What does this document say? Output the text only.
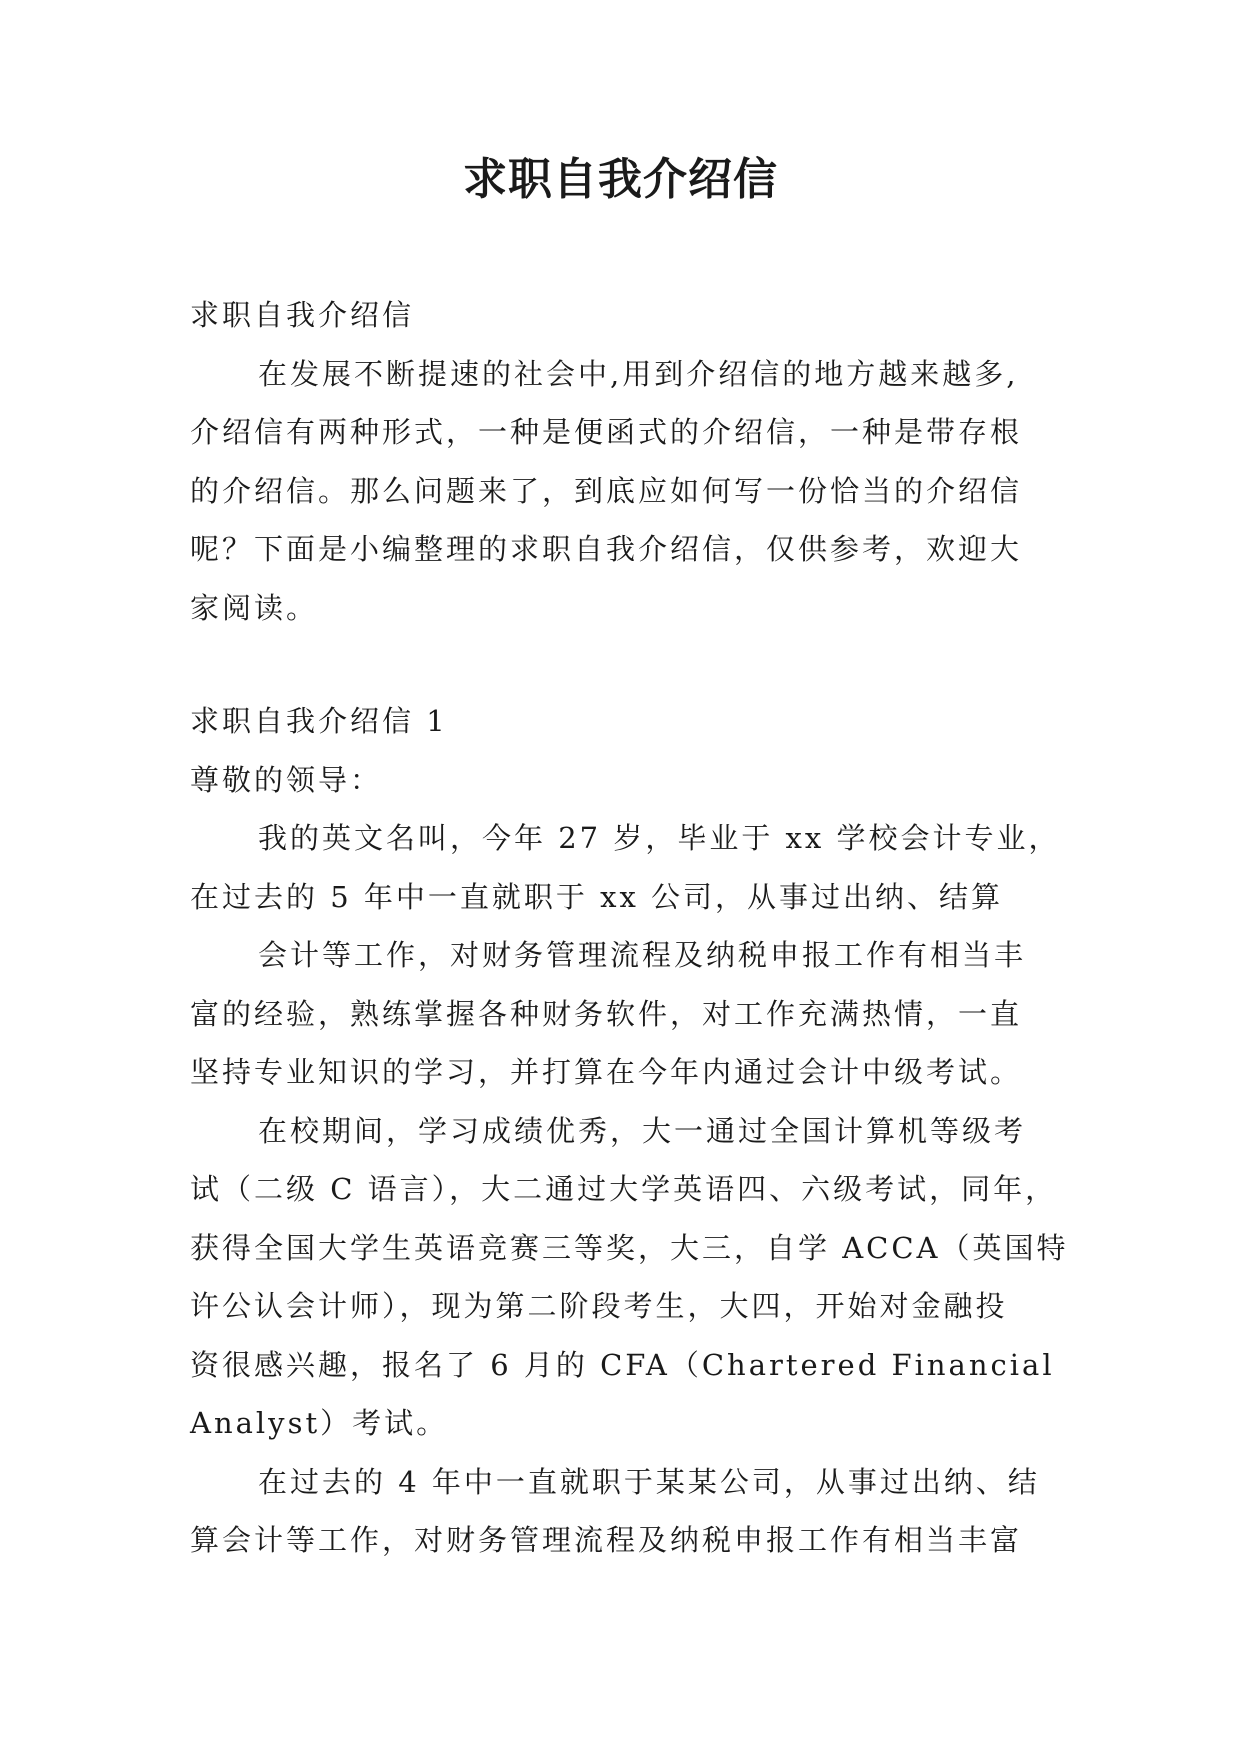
求职自我介绍信
求职自我介绍信
在发展不断提速的社会中,用到介绍信的地方越来越多,
介绍信有两种形式，一种是便函式的介绍信，一种是带存根
的介绍信。那么问题来了，到底应如何写一份恰当的介绍信
呢？下面是小编整理的求职自我介绍信，仅供参考，欢迎大
家阅读。
求职自我介绍信 1
尊敬的领导：
我的英文名叫，今年 27 岁，毕业于 xx 学校会计专业，
在过去的 5 年中一直就职于 xx 公司，从事过出纳、结算
会计等工作，对财务管理流程及纳税申报工作有相当丰
富的经验，熟练掌握各种财务软件，对工作充满热情，一直
坚持专业知识的学习，并打算在今年内通过会计中级考试。
在校期间，学习成绩优秀，大一通过全国计算机等级考
试（二级 C 语言），大二通过大学英语四、六级考试，同年，
获得全国大学生英语竞赛三等奖，大三，自学 ACCA（英国特
许公认会计师），现为第二阶段考生，大四，开始对金融投
资很感兴趣，报名了 6 月的 CFA（Chartered Financial
Analyst）考试。
在过去的 4 年中一直就职于某某公司，从事过出纳、结
算会计等工作，对财务管理流程及纳税申报工作有相当丰富
